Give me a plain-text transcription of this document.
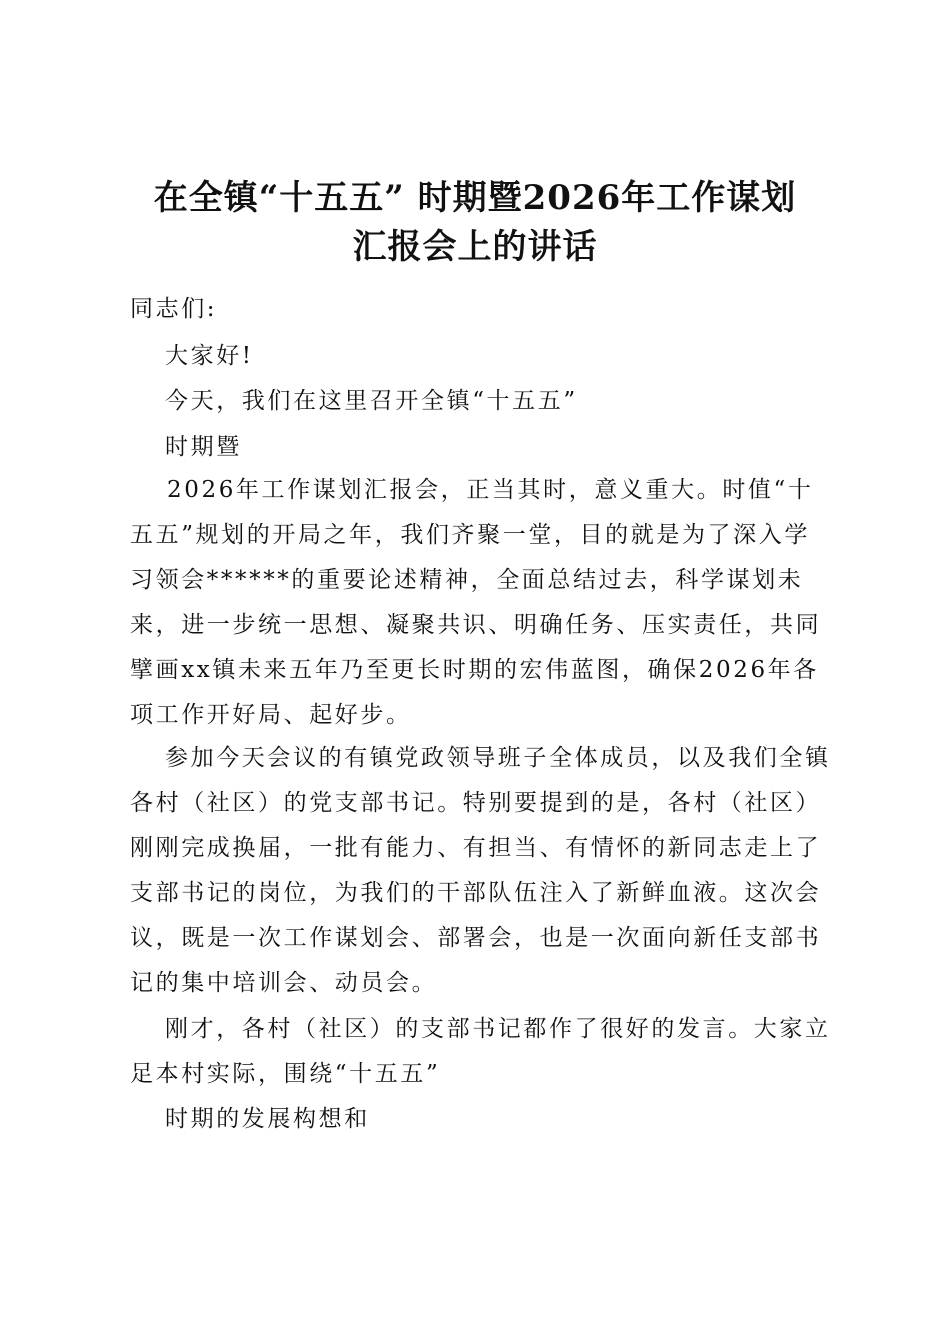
在全镇“十五五” 时期暨2026年工作谋划
汇报会上的讲话

同志们:

大家好!

今天，我们在这里召开全镇“十五五”

时期暨

2026年工作谋划汇报会，正当其时，意义重大。时值“十

五五”规划的开局之年，我们齐聚一堂，目的就是为了深入学

习领会******的重要论述精神，全面总结过去，科学谋划未

来，进一步统一思想、凝聚共识、明确任务、压实责任，共同

擘画xx镇未来五年乃至更长时期的宏伟蓝图，确保2026年各

项工作开好局、起好步。

参加今天会议的有镇党政领导班子全体成员，以及我们全镇

各村（社区）的党支部书记。特别要提到的是，各村（社区）

刚刚完成换届，一批有能力、有担当、有情怀的新同志走上了

支部书记的岗位，为我们的干部队伍注入了新鲜血液。这次会

议，既是一次工作谋划会、部署会，也是一次面向新任支部书

记的集中培训会、动员会。

刚才，各村（社区）的支部书记都作了很好的发言。大家立

足本村实际，围绕“十五五”

时期的发展构想和
